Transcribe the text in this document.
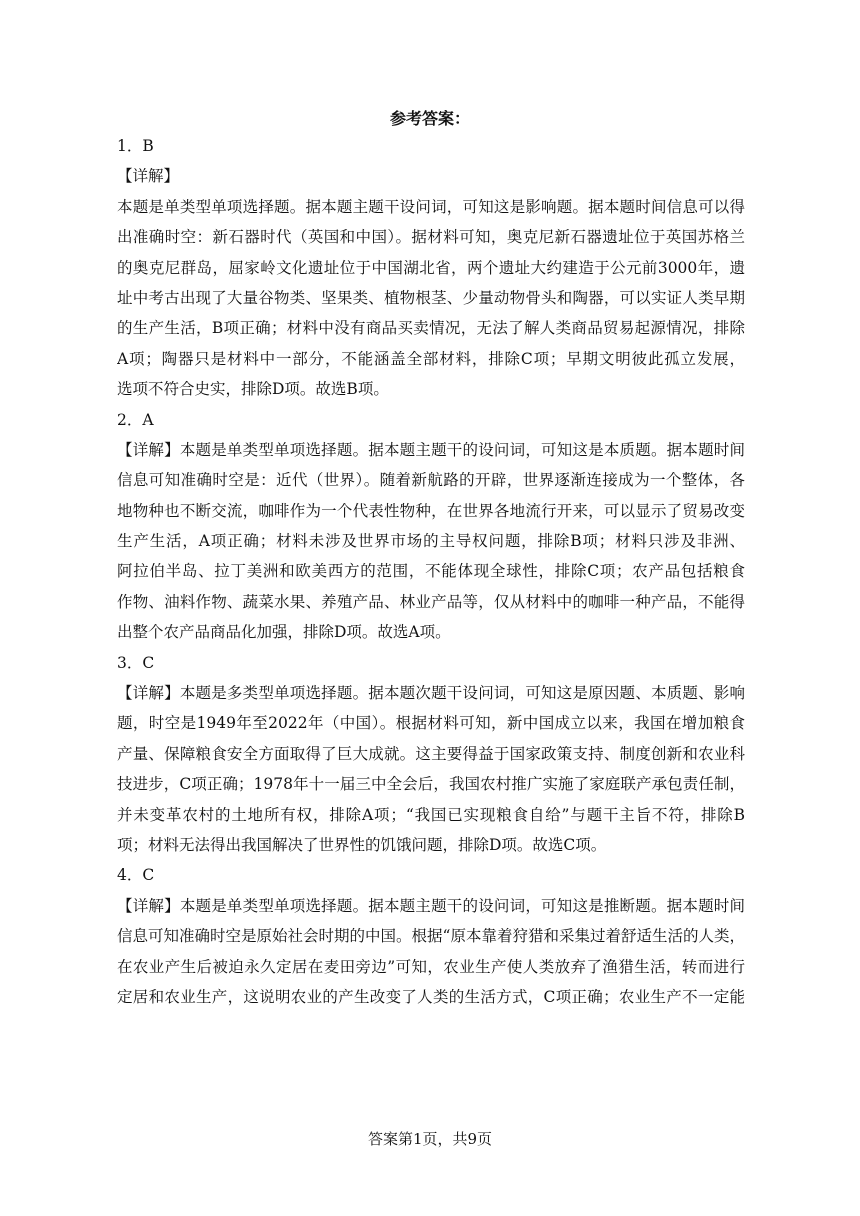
参考答案：
1．B
【详解】
本题是单类型单项选择题。据本题主题干设问词，可知这是影响题。据本题时间信息可以得
出准确时空：新石器时代（英国和中国）。据材料可知，奥克尼新石器遗址位于英国苏格兰
的奥克尼群岛，屈家岭文化遗址位于中国湖北省，两个遗址大约建造于公元前3000年，遗
址中考古出现了大量谷物类、坚果类、植物根茎、少量动物骨头和陶器，可以实证人类早期
的生产生活，B项正确；材料中没有商品买卖情况，无法了解人类商品贸易起源情况，排除
A项；陶器只是材料中一部分，不能涵盖全部材料，排除C项；早期文明彼此孤立发展，
选项不符合史实，排除D项。故选B项。
2．A
【详解】本题是单类型单项选择题。据本题主题干的设问词，可知这是本质题。据本题时间
信息可知准确时空是：近代（世界）。随着新航路的开辟，世界逐渐连接成为一个整体，各
地物种也不断交流，咖啡作为一个代表性物种，在世界各地流行开来，可以显示了贸易改变
生产生活，A项正确；材料未涉及世界市场的主导权问题，排除B项；材料只涉及非洲、
阿拉伯半岛、拉丁美洲和欧美西方的范围，不能体现全球性，排除C项；农产品包括粮食
作物、油料作物、蔬菜水果、养殖产品、林业产品等，仅从材料中的咖啡一种产品，不能得
出整个农产品商品化加强，排除D项。故选A项。
3．C
【详解】本题是多类型单项选择题。据本题次题干设问词，可知这是原因题、本质题、影响
题，时空是1949年至2022年（中国）。根据材料可知，新中国成立以来，我国在增加粮食
产量、保障粮食安全方面取得了巨大成就。这主要得益于国家政策支持、制度创新和农业科
技进步，C项正确；1978年十一届三中全会后，我国农村推广实施了家庭联产承包责任制，
并未变革农村的土地所有权，排除A项；“我国已实现粮食自给”与题干主旨不符，排除B
项；材料无法得出我国解决了世界性的饥饿问题，排除D项。故选C项。
4．C
【详解】本题是单类型单项选择题。据本题主题干的设问词，可知这是推断题。据本题时间
信息可知准确时空是原始社会时期的中国。根据“原本靠着狩猎和采集过着舒适生活的人类，
在农业产生后被迫永久定居在麦田旁边”可知，农业生产使人类放弃了渔猎生活，转而进行
定居和农业生产，这说明农业的产生改变了人类的生活方式，C项正确；农业生产不一定能
答案第1页，共9页
